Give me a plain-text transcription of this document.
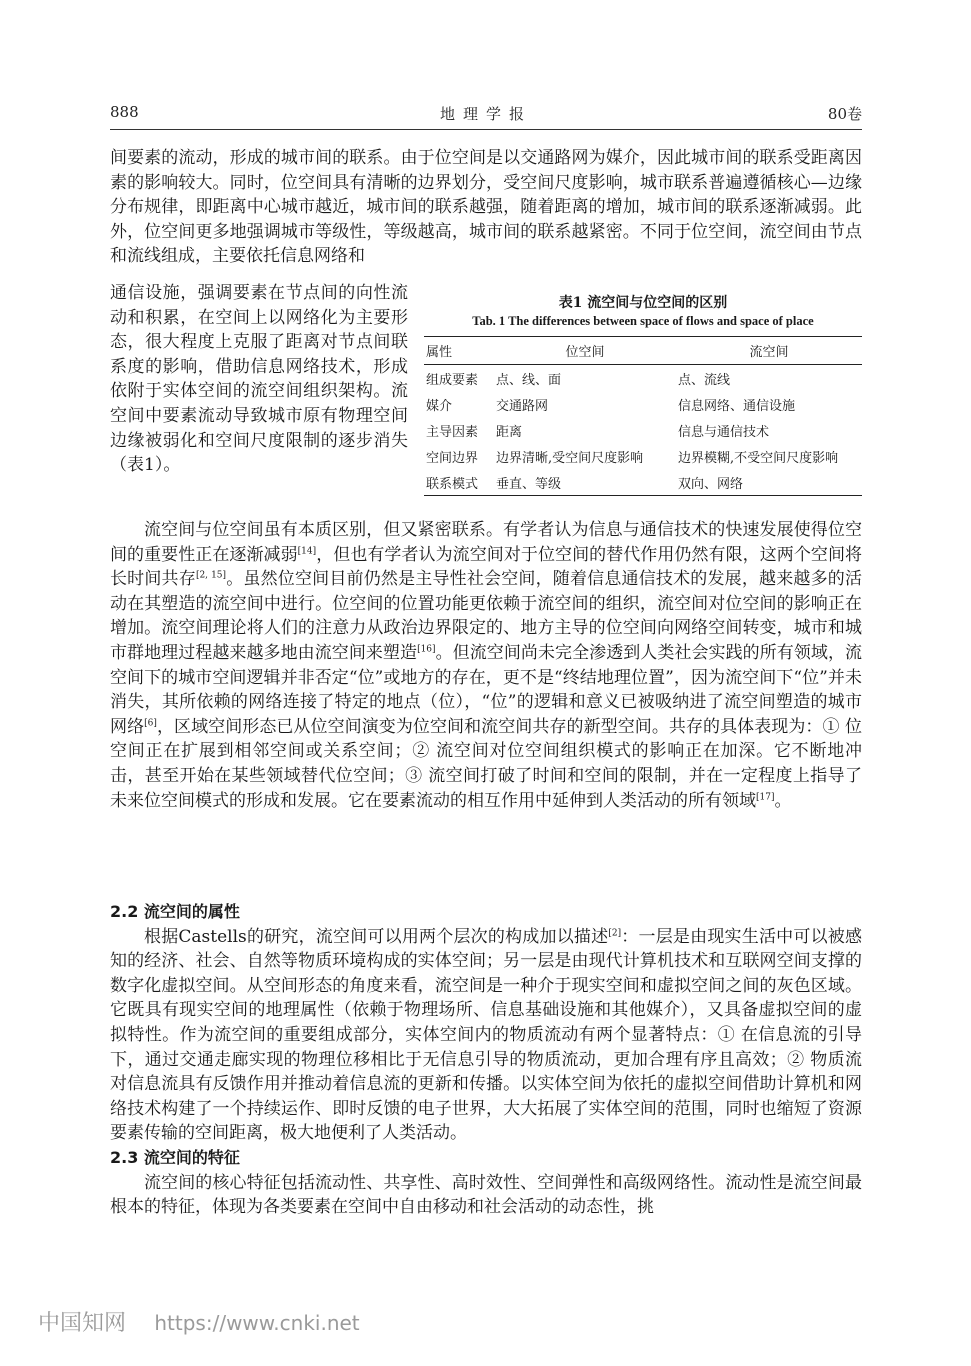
888	地理学报	80卷

间要素的流动，形成的城市间的联系。由于位空间是以交通路网为媒介，因此城市间的联系受距离因素的影响较大。同时，位空间具有清晰的边界划分，受空间尺度影响，城市联系普遍遵循核心—边缘分布规律，即距离中心城市越近，城市间的联系越强，随着距离的增加，城市间的联系逐渐减弱。此外，位空间更多地强调城市等级性，等级越高，城市间的联系越紧密。不同于位空间，流空间由节点和流线组成，主要依托信息网络和

通信设施，强调要素在节点间的向性流动和积累，在空间上以网络化为主要形态，很大程度上克服了距离对节点间联系度的影响，借助信息网络技术，形成依附于实体空间的流空间组织架构。流空间中要素流动导致城市原有物理空间边缘被弱化和空间尺度限制的逐步消失（表1）。
表1 流空间与位空间的区别
Tab. 1 The differences between space of flows and space of place
属性	位空间	流空间
组成要素	点、线、面	点、流线
媒介	交通路网	信息网络、通信设施
主导因素	距离	信息与通信技术
空间边界	边界清晰,受空间尺度影响	边界模糊,不受空间尺度影响
联系模式	垂直、等级	双向、网络

流空间与位空间虽有本质区别，但又紧密联系。有学者认为信息与通信技术的快速发展使得位空间的重要性正在逐渐减弱[14]，但也有学者认为流空间对于位空间的替代作用仍然有限，这两个空间将长时间共存[2, 15]。虽然位空间目前仍然是主导性社会空间，随着信息通信技术的发展，越来越多的活动在其塑造的流空间中进行。位空间的位置功能更依赖于流空间的组织，流空间对位空间的影响正在增加。流空间理论将人们的注意力从政治边界限定的、地方主导的位空间向网络空间转变，城市和城市群地理过程越来越多地由流空间来塑造[16]。但流空间尚未完全渗透到人类社会实践的所有领域，流空间下的城市空间逻辑并非否定“位”或地方的存在，更不是“终结地理位置”，因为流空间下“位”并未消失，其所依赖的网络连接了特定的地点（位），“位”的逻辑和意义已被吸纳进了流空间塑造的城市网络[6]，区域空间形态已从位空间演变为位空间和流空间共存的新型空间。共存的具体表现为：① 位空间正在扩展到相邻空间或关系空间；② 流空间对位空间组织模式的影响正在加深。它不断地冲击，甚至开始在某些领域替代位空间；③ 流空间打破了时间和空间的限制，并在一定程度上指导了未来位空间模式的形成和发展。它在要素流动的相互作用中延伸到人类活动的所有领域[17]。

2.2 流空间的属性

根据Castells的研究，流空间可以用两个层次的构成加以描述[2]：一层是由现实生活中可以被感知的经济、社会、自然等物质环境构成的实体空间；另一层是由现代计算机技术和互联网空间支撑的数字化虚拟空间。从空间形态的角度来看，流空间是一种介于现实空间和虚拟空间之间的灰色区域。它既具有现实空间的地理属性（依赖于物理场所、信息基础设施和其他媒介），又具备虚拟空间的虚拟特性。作为流空间的重要组成部分，实体空间内的物质流动有两个显著特点：① 在信息流的引导下，通过交通走廊实现的物理位移相比于无信息引导的物质流动，更加合理有序且高效；② 物质流对信息流具有反馈作用并推动着信息流的更新和传播。以实体空间为依托的虚拟空间借助计算机和网络技术构建了一个持续运作、即时反馈的电子世界，大大拓展了实体空间的范围，同时也缩短了资源要素传输的空间距离，极大地便利了人类活动。

2.3 流空间的特征

流空间的核心特征包括流动性、共享性、高时效性、空间弹性和高级网络性。流动性是流空间最根本的特征，体现为各类要素在空间中自由移动和社会活动的动态性，挑

中国知网 https://www.cnki.net
